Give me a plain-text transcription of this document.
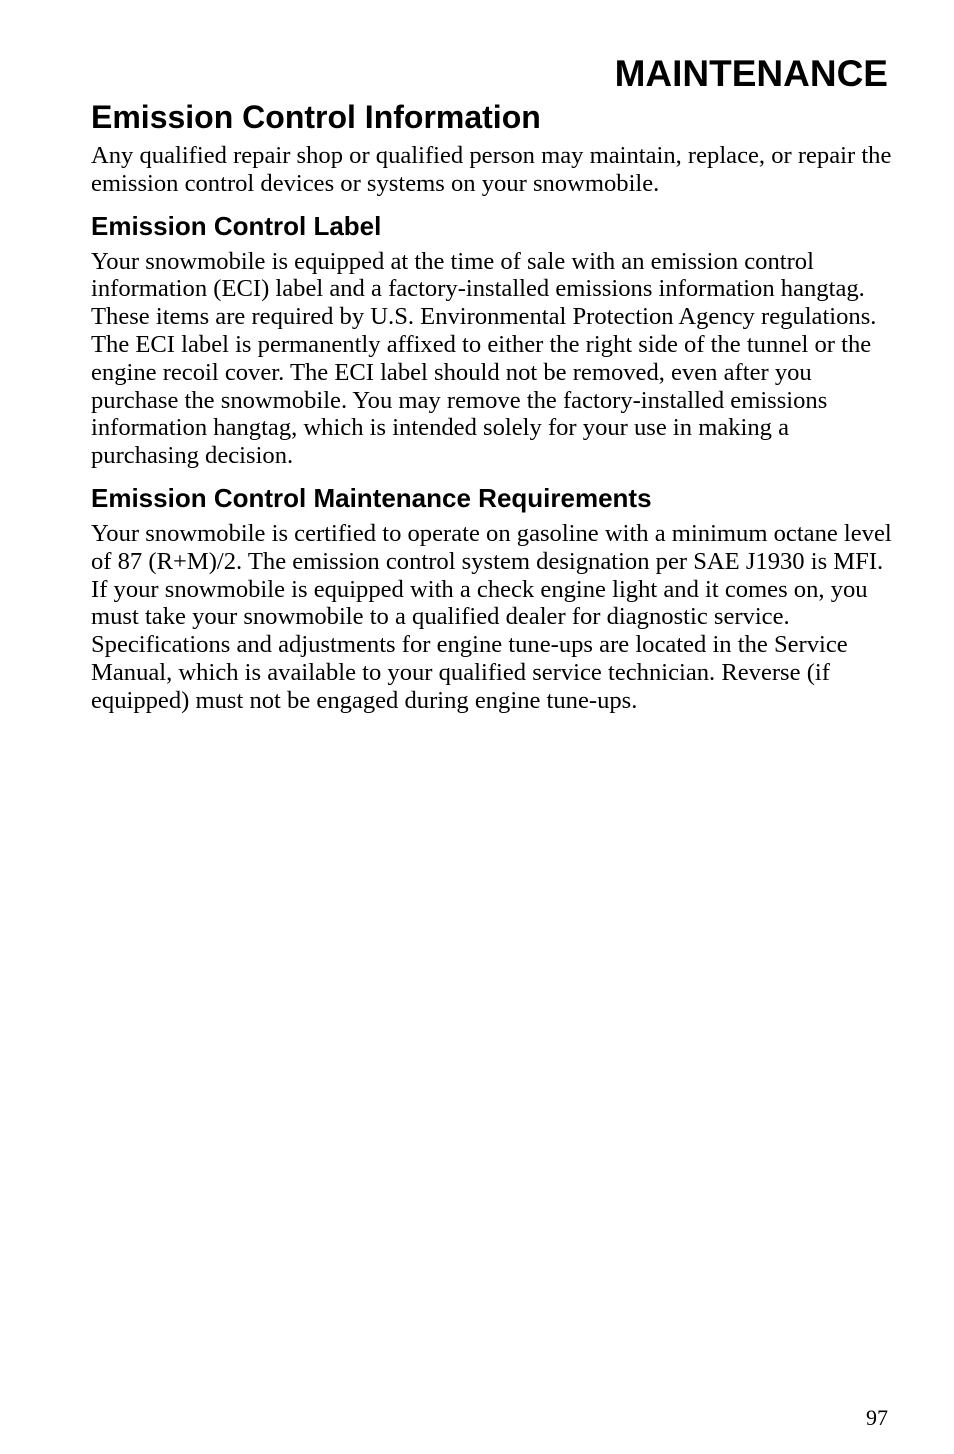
MAINTENANCE
Emission Control Information

Any qualified repair shop or qualified person may maintain, replace, or repair the emission control devices or systems on your snowmobile.

Emission Control Label

Your snowmobile is equipped at the time of sale with an emission control information (ECI) label and a factory-installed emissions information hangtag. These items are required by U.S. Environmental Protection Agency regulations. The ECI label is permanently affixed to either the right side of the tunnel or the engine recoil cover. The ECI label should not be removed, even after you purchase the snowmobile. You may remove the factory-installed emissions information hangtag, which is intended solely for your use in making a purchasing decision.

Emission Control Maintenance Requirements

Your snowmobile is certified to operate on gasoline with a minimum octane level of 87 (R+M)/2. The emission control system designation per SAE J1930 is MFI. If your snowmobile is equipped with a check engine light and it comes on, you must take your snowmobile to a qualified dealer for diagnostic service. Specifications and adjustments for engine tune-ups are located in the Service Manual, which is available to your qualified service technician. Reverse (if equipped) must not be engaged during engine tune-ups.

97
